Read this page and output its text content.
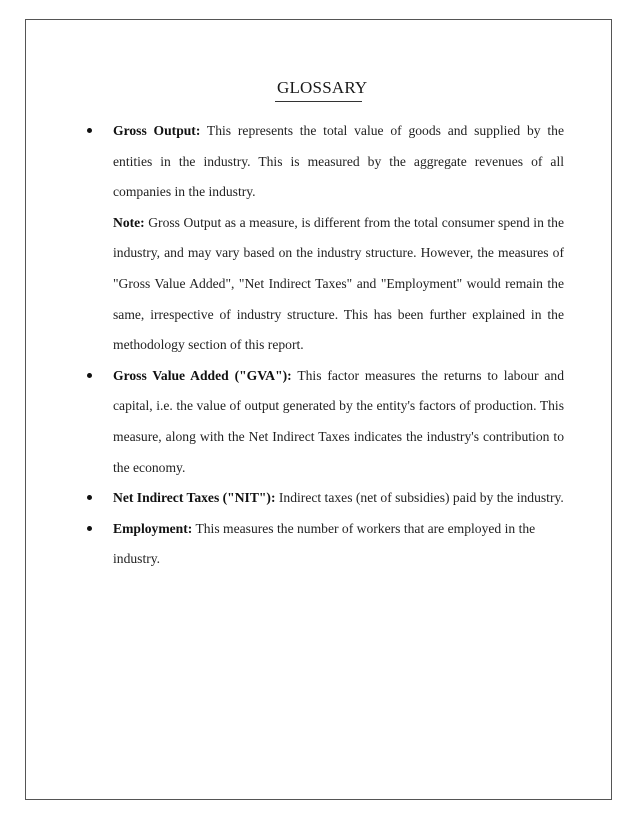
GLOSSARY

Gross Output: This represents the total value of goods and supplied by the entities in the industry. This is measured by the aggregate revenues of all companies in the industry.

Note: Gross Output as a measure, is different from the total consumer spend in the industry, and may vary based on the industry structure. However, the measures of "Gross Value Added", "Net Indirect Taxes" and "Employment" would remain the same, irrespective of industry structure. This has been further explained in the methodology section of this report.

Gross Value Added ("GVA"): This factor measures the returns to labour and capital, i.e. the value of output generated by the entity's factors of production. This measure, along with the Net Indirect Taxes indicates the industry's contribution to the economy.

Net Indirect Taxes ("NIT"): Indirect taxes (net of subsidies) paid by the industry.

Employment: This measures the number of workers that are employed in the industry.
